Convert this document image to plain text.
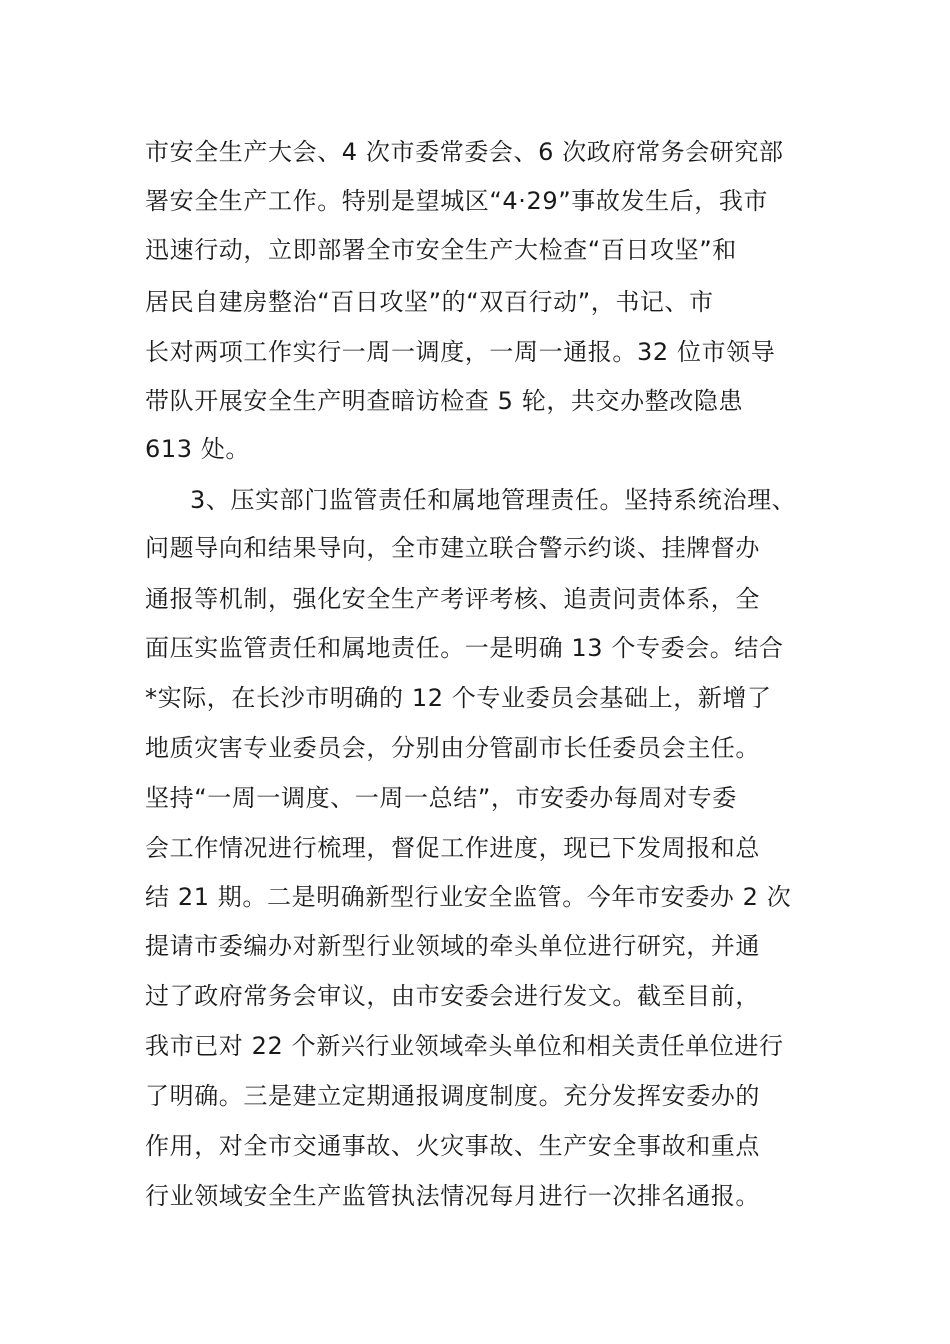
市安全生产大会、4 次市委常委会、6 次政府常务会研究部
署安全生产工作。特别是望城区“4·29”事故发生后，我市
迅速行动，立即部署全市安全生产大检查“百日攻坚”和
居民自建房整治“百日攻坚”的“双百行动”，书记、市
长对两项工作实行一周一调度，一周一通报。32 位市领导
带队开展安全生产明查暗访检查 5 轮，共交办整改隐患
613 处。
3、压实部门监管责任和属地管理责任。坚持系统治理、
问题导向和结果导向，全市建立联合警示约谈、挂牌督办
通报等机制，强化安全生产考评考核、追责问责体系，全
面压实监管责任和属地责任。一是明确 13 个专委会。结合
*实际，在长沙市明确的 12 个专业委员会基础上，新增了
地质灾害专业委员会，分别由分管副市长任委员会主任。
坚持“一周一调度、一周一总结”，市安委办每周对专委
会工作情况进行梳理，督促工作进度，现已下发周报和总
结 21 期。二是明确新型行业安全监管。今年市安委办 2 次
提请市委编办对新型行业领域的牵头单位进行研究，并通
过了政府常务会审议，由市安委会进行发文。截至目前，
我市已对 22 个新兴行业领域牵头单位和相关责任单位进行
了明确。三是建立定期通报调度制度。充分发挥安委办的
作用，对全市交通事故、火灾事故、生产安全事故和重点
行业领域安全生产监管执法情况每月进行一次排名通报。
